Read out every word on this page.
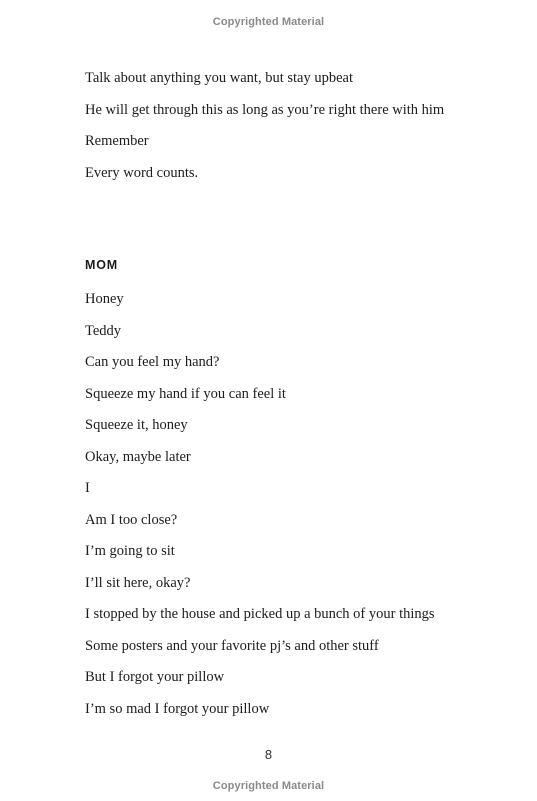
Copyrighted Material
Talk about anything you want, but stay upbeat
He will get through this as long as you’re right there with him
Remember
Every word counts.
MOM
Honey
Teddy
Can you feel my hand?
Squeeze my hand if you can feel it
Squeeze it, honey
Okay, maybe later
I
Am I too close?
I’m going to sit
I’ll sit here, okay?
I stopped by the house and picked up a bunch of your things
Some posters and your favorite pj’s and other stuff
But I forgot your pillow
I’m so mad I forgot your pillow
8
Copyrighted Material
